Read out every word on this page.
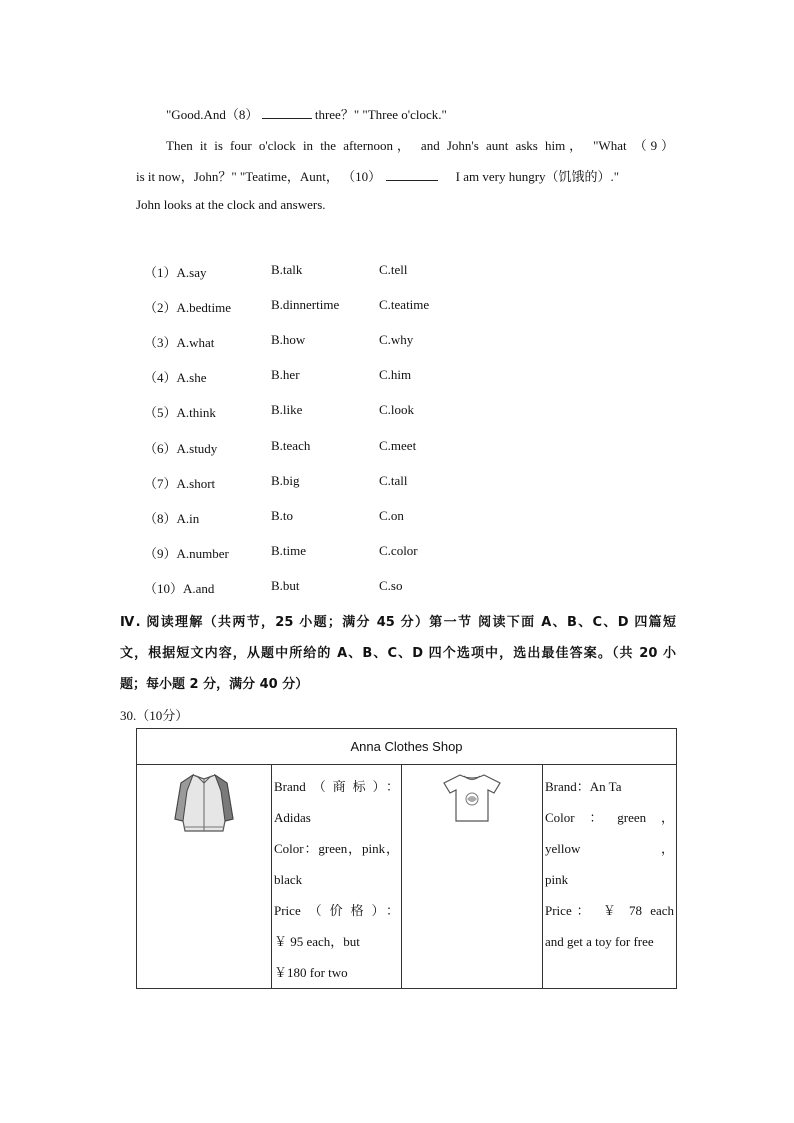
"Good.And（8）	three？" "Three o'clock."
Then it is four o'clock in the afternoon， and John's aunt asks him， "What （9）
is it now，John？" "Teatime，Aunt， （10）	I am very hungry（饥饿的）."
John looks at the clock and answers.
（1）A.say	B.talk	C.tell
（2）A.bedtime	B.dinnertime	C.teatime
（3）A.what	B.how	C.why
（4）A.she	B.her	C.him
（5）A.think	B.like	C.look
（6）A.study	B.teach	C.meet
（7）A.short	B.big	C.tall
（8）A.in	B.to	C.on
（9）A.number	B.time	C.color
（10）A.and	B.but	C.so
Ⅳ. 阅读理解（共两节，25 小题；满分 45 分）第一节 阅读下面 A、B、C、D 四篇短
文，根据短文内容，从题中所给的 A、B、C、D 四个选项中，选出最佳答案。（共 20 小
题；每小题 2 分，满分 40 分）
30.（10分）
Anna Clothes Shop

Brand（商标）：
Adidas
Color：green，pink，
black
Price（价格）：
￥ 95 each，but
￥180 for two

Brand：An Ta
Color：green，yellow，
pink
Price： ￥ 78 each
and get a toy for free
